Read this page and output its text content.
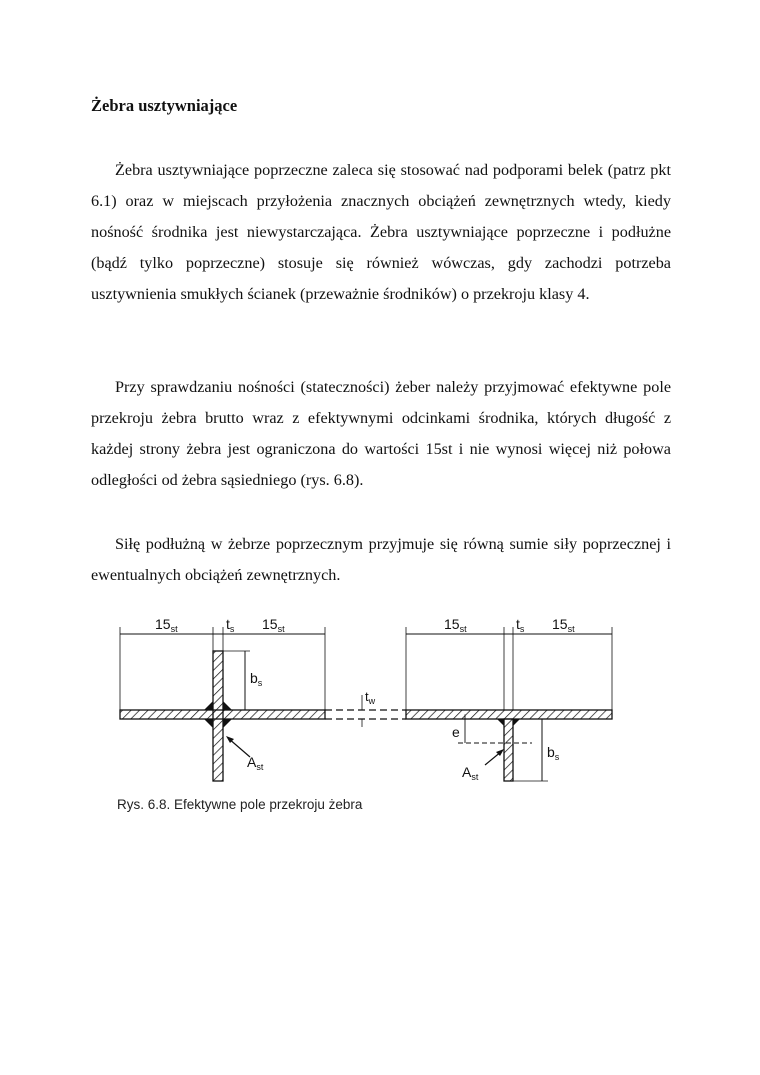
Żebra usztywniające

Żebra usztywniające poprzeczne zaleca się stosować nad podporami belek (patrz pkt 6.1) oraz w miejscach przyłożenia znacznych obciążeń zewnętrznych wtedy, kiedy nośność środnika jest niewystarczająca. Żebra usztywniające poprzeczne i podłużne (bądź tylko poprzeczne) stosuje się również wówczas, gdy zachodzi potrzeba usztywnienia smukłych ścianek (przeważnie środników) o przekroju klasy 4.

Przy sprawdzaniu nośności (stateczności) żeber należy przyjmować efektywne pole przekroju żebra brutto wraz z efektywnymi odcinkami środnika, których długość z każdej strony żebra jest ograniczona do wartości 15st i nie wynosi więcej niż połowa odległości od żebra sąsiedniego (rys. 6.8).

Siłę podłużną w żebrze poprzecznym przyjmuje się równą sumie siły poprzecznej i ewentualnych obciążeń zewnętrznych.

$15_{st}$	$t_s$ $15_{st}$
$b_s$
$A_{st}$
$t_w$
$15_{st}$	$t_s$ $15_{st}$
e
$b_s$
$A_{st}$

Rys. 6.8. Efektywne pole przekroju żebra
